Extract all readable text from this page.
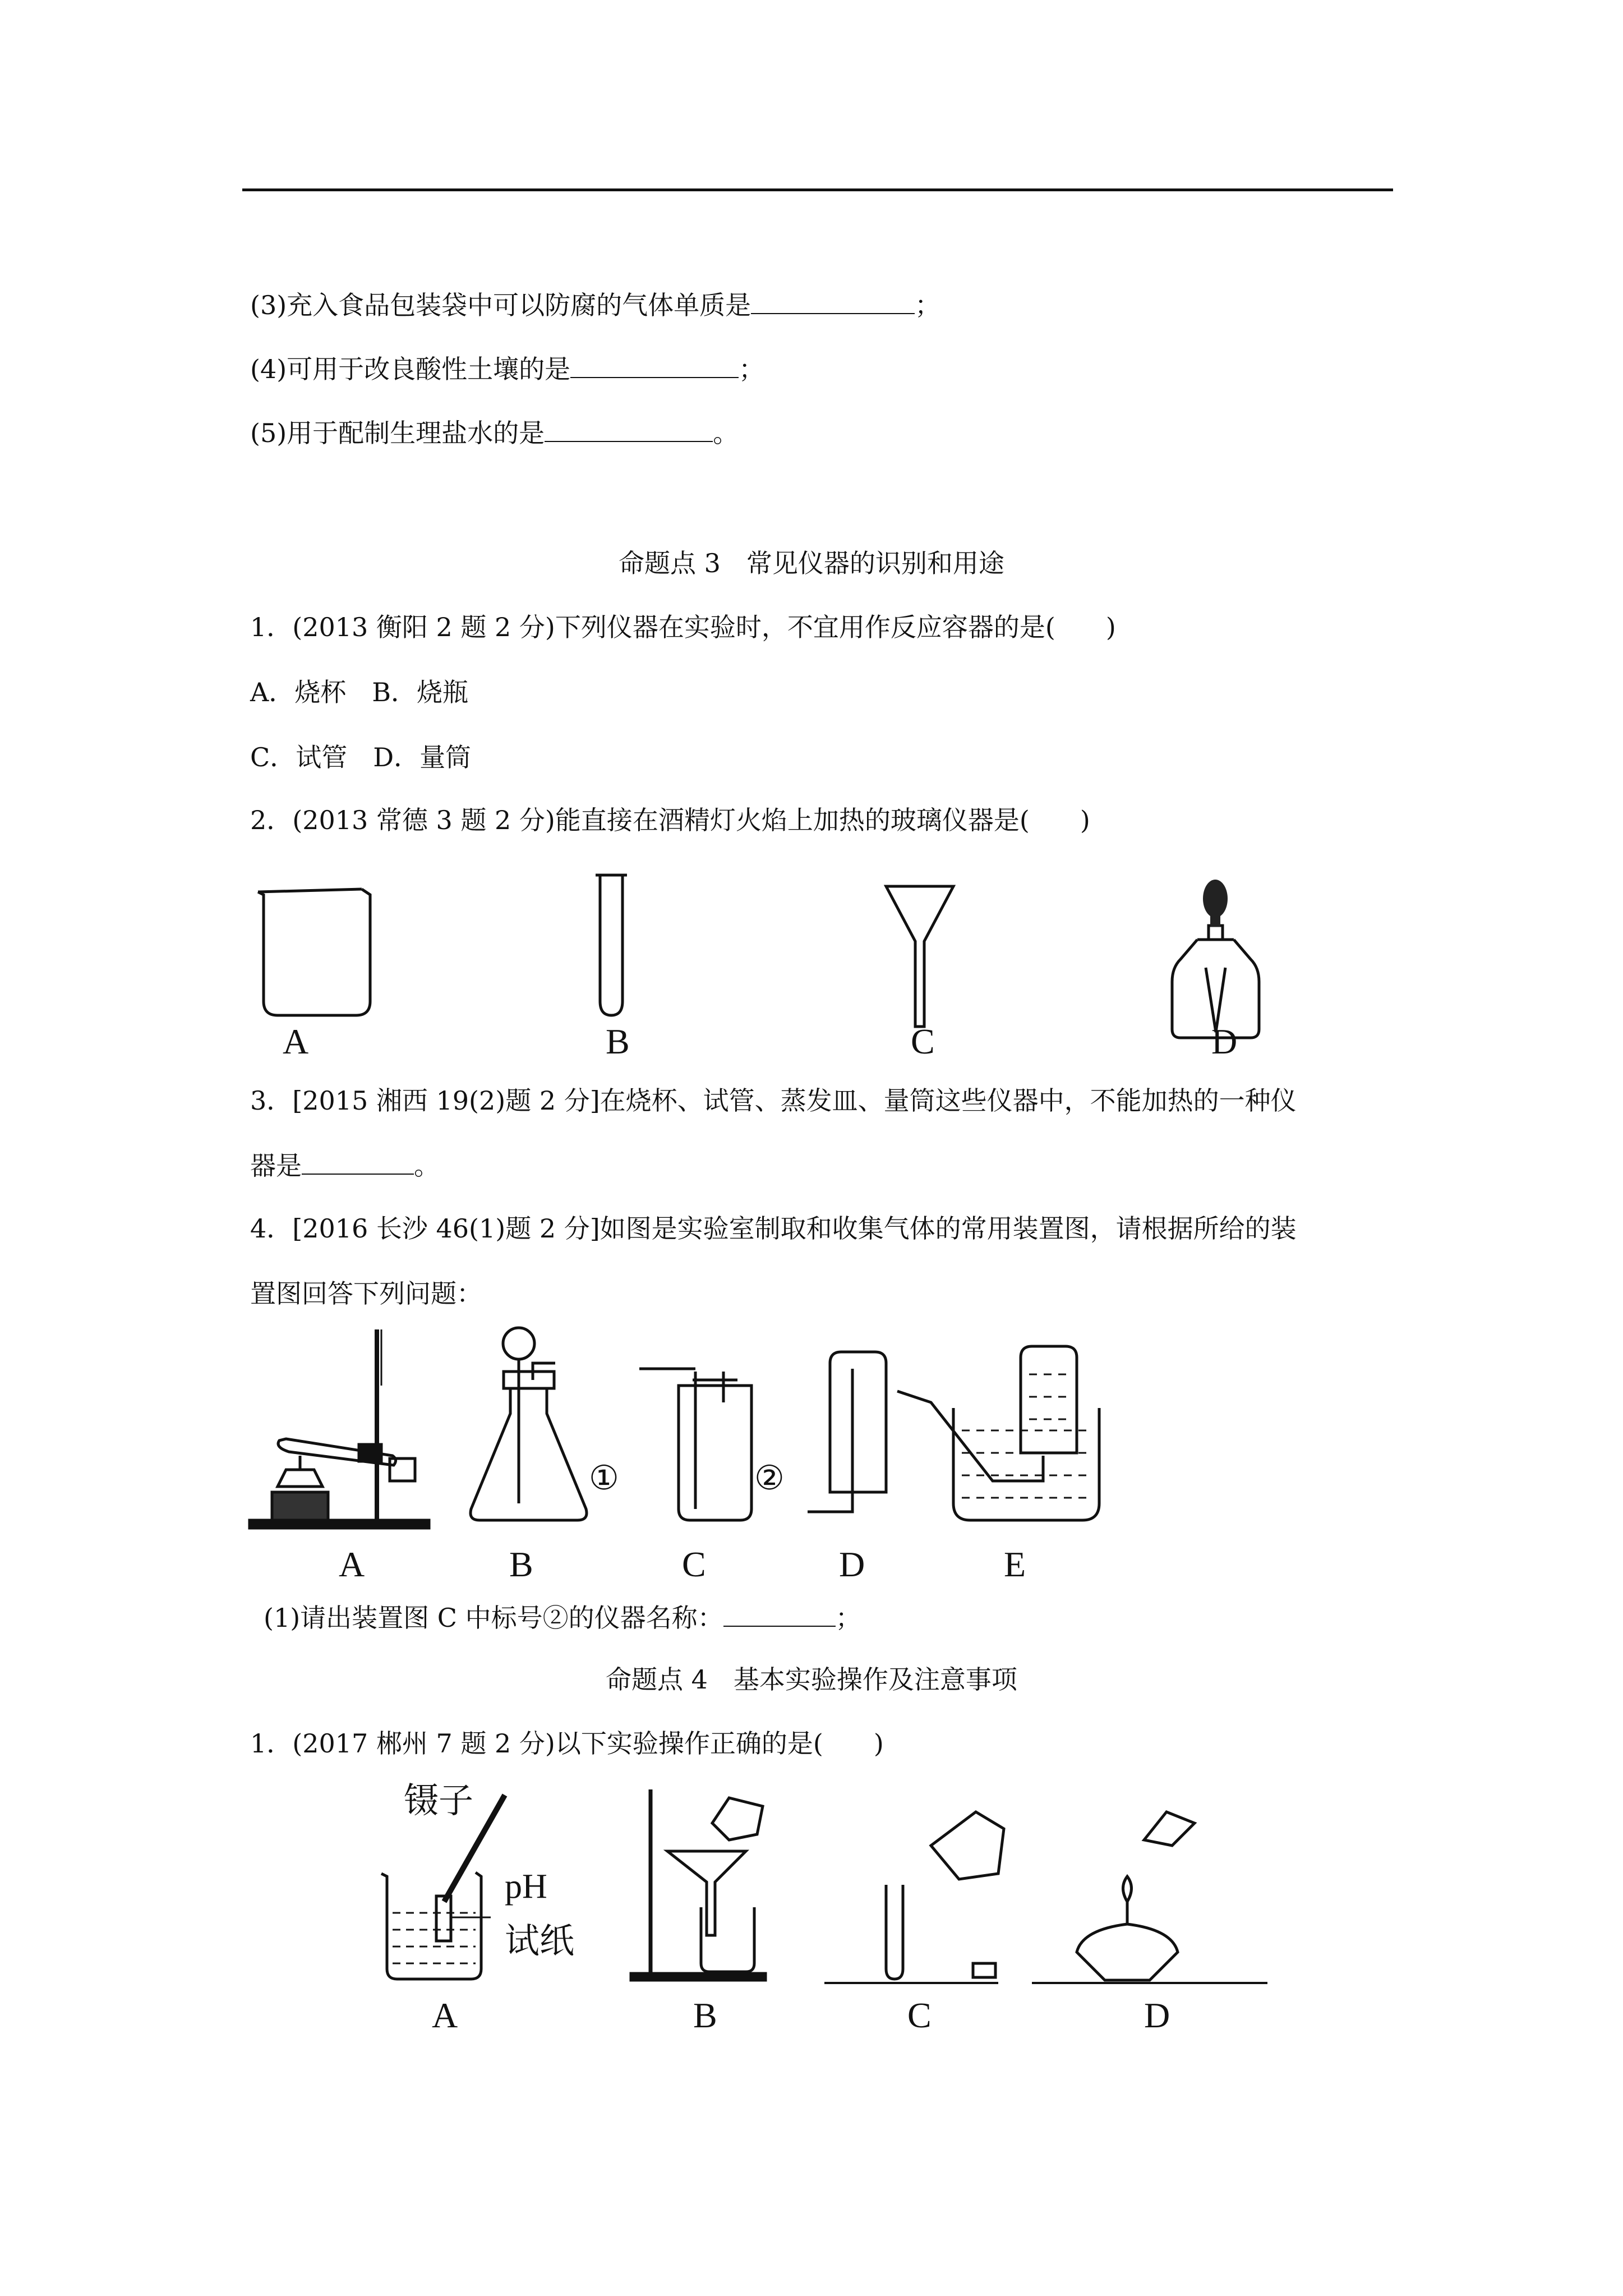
(3)充入食品包装袋中可以防腐的气体单质是	；
(4)可用于改良酸性土壤的是	；
(5)用于配制生理盐水的是	。
命题点 3　常见仪器的识别和用途
1．(2013 衡阳 2 题 2 分)下列仪器在实验时，不宜用作反应容器的是( )
A．烧杯　B．烧瓶
C．试管　D．量筒
2．(2013 常德 3 题 2 分)能直接在酒精灯火焰上加热的玻璃仪器是( )
A	B	C	D
3．[2015 湘西 19(2)题 2 分]在烧杯、试管、蒸发皿、量筒这些仪器中，不能加热的一种仪
器是	。
4．[2016 长沙 46(1)题 2 分]如图是实验室制取和收集气体的常用装置图，请根据所给的装
置图回答下列问题：
①	②
A	B	C	D	E
(1)请出装置图 C 中标号②的仪器名称：	；
命题点 4　基本实验操作及注意事项
1．(2017 郴州 7 题 2 分)以下实验操作正确的是( )
镊子
pH
试纸
A	B	C	D
